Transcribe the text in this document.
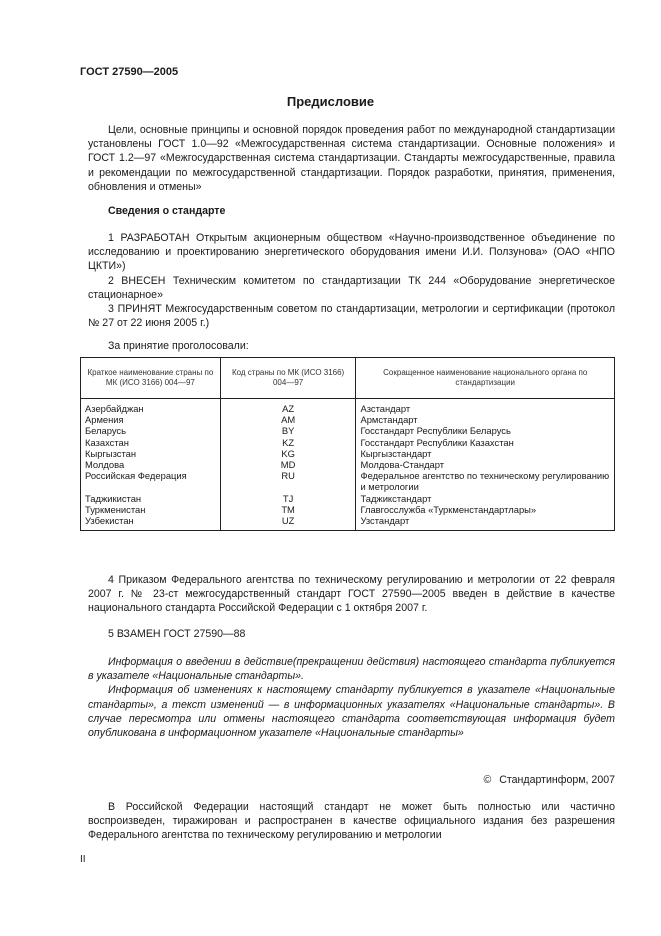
ГОСТ 27590—2005
Предисловие

Цели, основные принципы и основной порядок проведения работ по международной стандартизации установлены ГОСТ 1.0—92 «Межгосударственная система стандартизации. Основные положения» и ГОСТ 1.2—97 «Межгосударственная система стандартизации. Стандарты межгосударственные, правила и рекомендации по межгосударственной стандартизации. Порядок разработки, принятия, применения, обновления и отмены»

Сведения о стандарте

1 РАЗРАБОТАН Открытым акционерным обществом «Научно-производственное объединение по исследованию и проектированию энергетического оборудования имени И.И. Ползунова» (ОАО «НПО ЦКТИ»)

2 ВНЕСЕН Техническим комитетом по стандартизации ТК 244 «Оборудование энергетическое стационарное»

3 ПРИНЯТ Межгосударственным советом по стандартизации, метрологии и сертификации (протокол № 27 от 22 июня 2005 г.)

За принятие проголосовали:
Краткое наименование страны по МК (ИСО 3166) 004—97	Код страны по МК (ИСО 3166) 004—97	Сокращенное наименование национального органа по стандартизации
Азербайджан	AZ	Азстандарт
Армения	AM	Армстандарт
Беларусь	BY	Госстандарт Республики Беларусь
Казахстан	KZ	Госстандарт Республики Казахстан
Кыргызстан	KG	Кыргызстандарт
Молдова	MD	Молдова-Стандарт
Российская Федерация	RU	Федеральное агентство по техническому регулированию и метрологии
Таджикистан	TJ	Таджикстандарт
Туркменистан	TM	Главгосслужба «Туркменстандартлары»
Узбекистан	UZ	Узстандарт

4 Приказом Федерального агентства по техническому регулированию и метрологии от 22 февраля 2007 г. № 23-ст межгосударственный стандарт ГОСТ 27590—2005 введен в действие в качестве национального стандарта Российской Федерации с 1 октября 2007 г.

5 ВЗАМЕН ГОСТ 27590—88

Информация о введении в действие(прекращении действия) настоящего стандарта публикуется в указателе «Национальные стандарты».

Информация об изменениях к настоящему стандарту публикуется в указателе «Национальные стандарты», а текст изменений — в информационных указателях «Национальные стандарты». В случае пересмотра или отмены настоящего стандарта соответствующая информация будет опубликована в информационном указателе «Национальные стандарты»

© Стандартинформ, 2007

В Российской Федерации настоящий стандарт не может быть полностью или частично воспроизведен, тиражирован и распространен в качестве официального издания без разрешения Федерального агентства по техническому регулированию и метрологии

II
